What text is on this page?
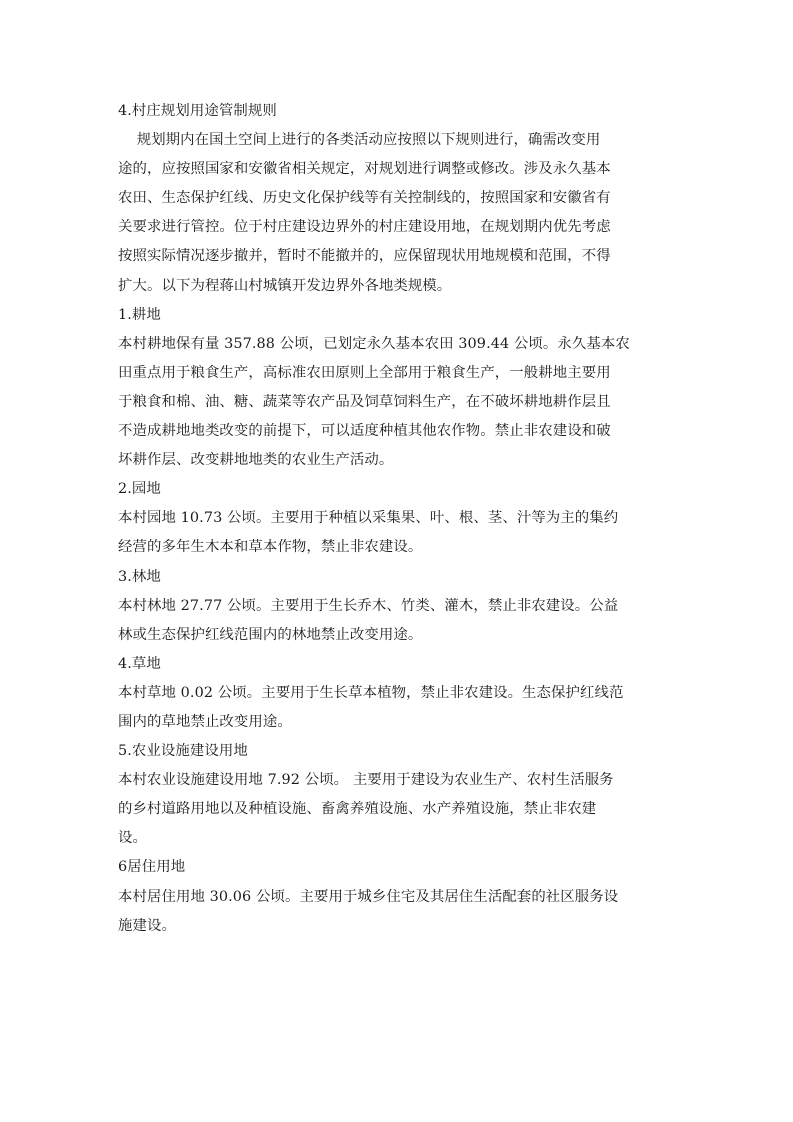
4.村庄规划用途管制规则
规划期内在国土空间上进行的各类活动应按照以下规则进行，确需改变用
途的，应按照国家和安徽省相关规定，对规划进行调整或修改。涉及永久基本
农田、生态保护红线、历史文化保护线等有关控制线的，按照国家和安徽省有
关要求进行管控。位于村庄建设边界外的村庄建设用地，在规划期内优先考虑
按照实际情况逐步撤并，暂时不能撤并的，应保留现状用地规模和范围，不得
扩大。以下为程蒋山村城镇开发边界外各地类规模。
1.耕地
本村耕地保有量 357.88 公顷，已划定永久基本农田 309.44 公顷。永久基本农
田重点用于粮食生产，高标准农田原则上全部用于粮食生产，一般耕地主要用
于粮食和棉、油、糖、蔬菜等农产品及饲草饲料生产，在不破坏耕地耕作层且
不造成耕地地类改变的前提下，可以适度种植其他农作物。禁止非农建设和破
坏耕作层、改变耕地地类的农业生产活动。
2.园地
本村园地 10.73 公顷。主要用于种植以采集果、叶、根、茎、汁等为主的集约
经营的多年生木本和草本作物，禁止非农建设。
3.林地
本村林地 27.77 公顷。主要用于生长乔木、竹类、灌木，禁止非农建设。公益
林或生态保护红线范围内的林地禁止改变用途。
4.草地
本村草地 0.02 公顷。主要用于生长草本植物，禁止非农建设。生态保护红线范
围内的草地禁止改变用途。
5.农业设施建设用地
本村农业设施建设用地 7.92 公顷。 主要用于建设为农业生产、农村生活服务
的乡村道路用地以及种植设施、畜禽养殖设施、水产养殖设施，禁止非农建
设。
6居住用地
本村居住用地 30.06 公顷。主要用于城乡住宅及其居住生活配套的社区服务设
施建设。
